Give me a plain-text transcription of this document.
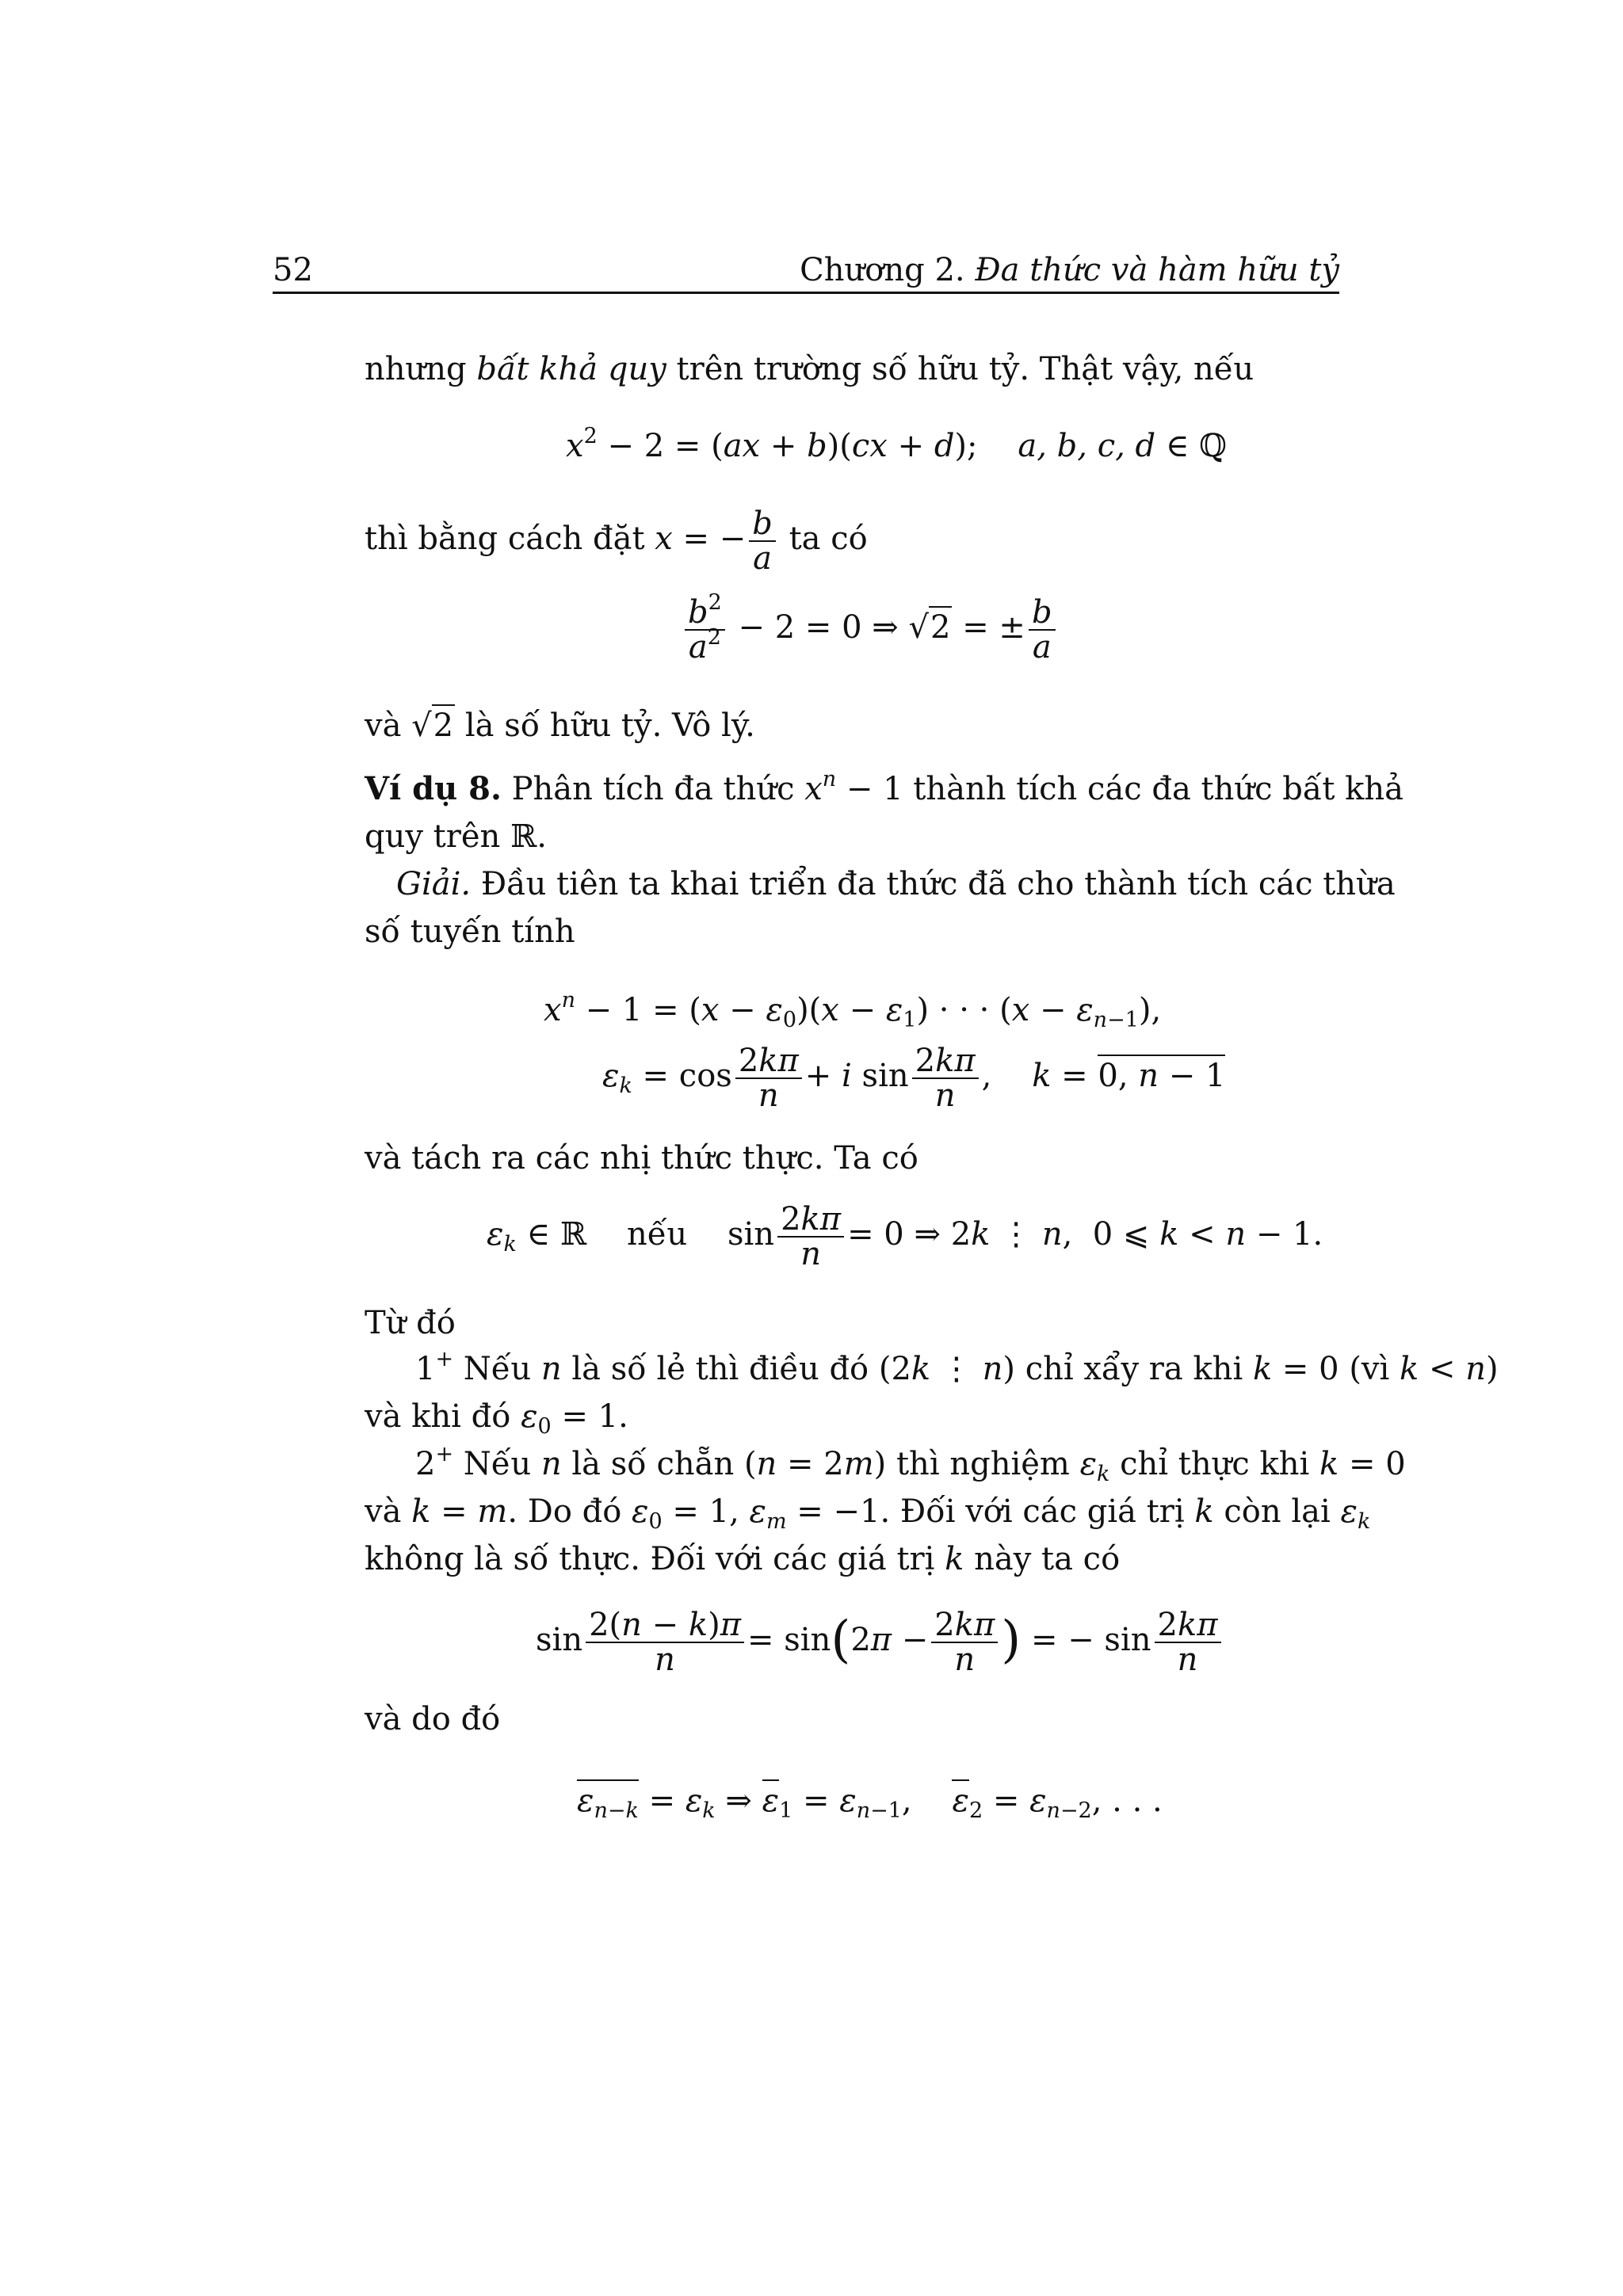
52	Chương 2. Đa thức và hàm hữu tỷ
nhưng bất khả quy trên trường số hữu tỷ. Thật vậy, nếu
$x^2 - 2 = (ax + b)(cx + d)$;    a, b, c, d ∈ ℚ
thì bằng cách đặt x = − $\frac{b}{a}$ ta có
$\frac{b^2}{a^2} - 2 = 0$ ⇒ √2 = ± $\frac{b}{a}$
và √2 là số hữu tỷ. Vô lý.
Ví dụ 8. Phân tích đa thức $x^n - 1$ thành tích các đa thức bất khả
quy trên ℝ.
Giải. Đầu tiên ta khai triển đa thức đã cho thành tích các thừa
số tuyến tính
$x^n - 1 = (x - \varepsilon_0)(x - \varepsilon_1)$ · · · $(x - \varepsilon_{n-1})$,
$\varepsilon_k = \cos \frac{2k\pi}{n} + i$ $\sin \frac{2k\pi}{n}$ ,    k = 0, n − 1
và tách ra các nhị thức thực. Ta có
$\varepsilon_k$ ∈ ℝ    nếu    $\sin \frac{2k\pi}{n} = 0$ ⇒ 2k ⋮ n,  0 ⩽ k < n − 1.
Từ đó
1+ Nếu n là số lẻ thì điều đó (2k ⋮ n) chỉ xẩy ra khi k = 0 (vì k < n)
và khi đó $\varepsilon_0 = 1$.
2+ Nếu n là số chẵn (n = 2m) thì nghiệm $\varepsilon_k$ chỉ thực khi k = 0
và k = m. Do đó $\varepsilon_0 = 1$, $\varepsilon_m = -1$. Đối với các giá trị k còn lại $\varepsilon_k$
không là số thực. Đối với các giá trị k này ta có
$\sin \frac{2(n - k)\pi}{n} = \sin(2\pi - \frac{2k\pi}{n}$ ) = − $\sin \frac{2k\pi}{n}$
và do đó
$\varepsilon_{n-k} = \varepsilon_k$ ⇒ $\varepsilon_1 = \varepsilon_{n-1}$,    $\varepsilon_2 = \varepsilon_{n-2}$, . . .
